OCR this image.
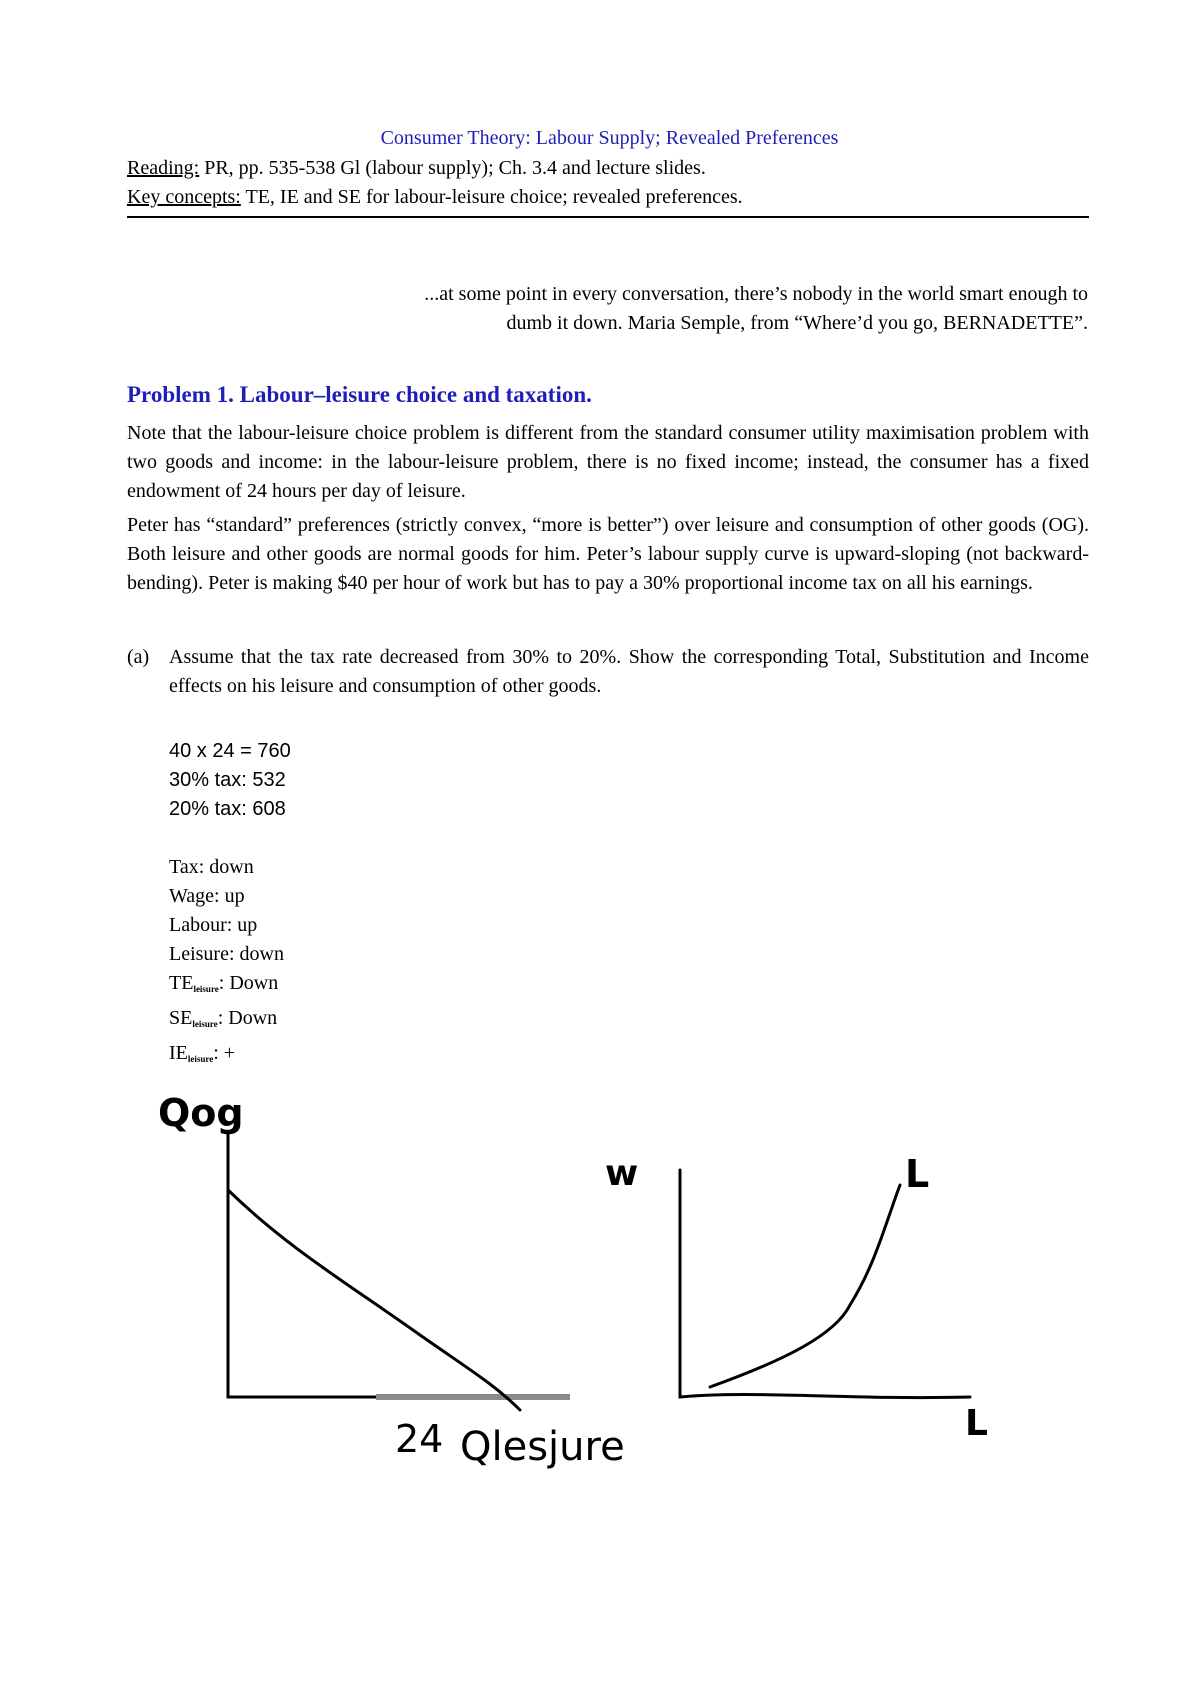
Consumer Theory: Labour Supply; Revealed Preferences
Reading: PR, pp. 535-538 Gl (labour supply); Ch. 3.4 and lecture slides.
Key concepts: TE, IE and SE for labour-leisure choice; revealed preferences.
...at some point in every conversation, there’s nobody in the world smart enough to
dumb it down. Maria Semple, from “Where’d you go, BERNADETTE”.
Problem 1. Labour–leisure choice and taxation.
Note that the labour-leisure choice problem is different from the standard consumer utility maximisation problem with two goods and income: in the labour-leisure problem, there is no fixed income; instead, the consumer has a fixed endowment of 24 hours per day of leisure.
Peter has “standard” preferences (strictly convex, “more is better”) over leisure and consumption of other goods (OG). Both leisure and other goods are normal goods for him. Peter’s labour supply curve is upward-sloping (not backward-bending). Peter is making $40 per hour of work but has to pay a 30% proportional income tax on all his earnings.
(a) Assume that the tax rate decreased from 30% to 20%. Show the corresponding Total, Substitution and Income effects on his leisure and consumption of other goods.
40 x 24 = 760
30% tax: 532
20% tax: 608
Tax: down
Wage: up
Labour: up
Leisure: down
$TE_{leisure}$: Down
$SE_{leisure}$: Down
$IE_{leisure}$: +
Qog
24 Qlesjure
w	L
L
